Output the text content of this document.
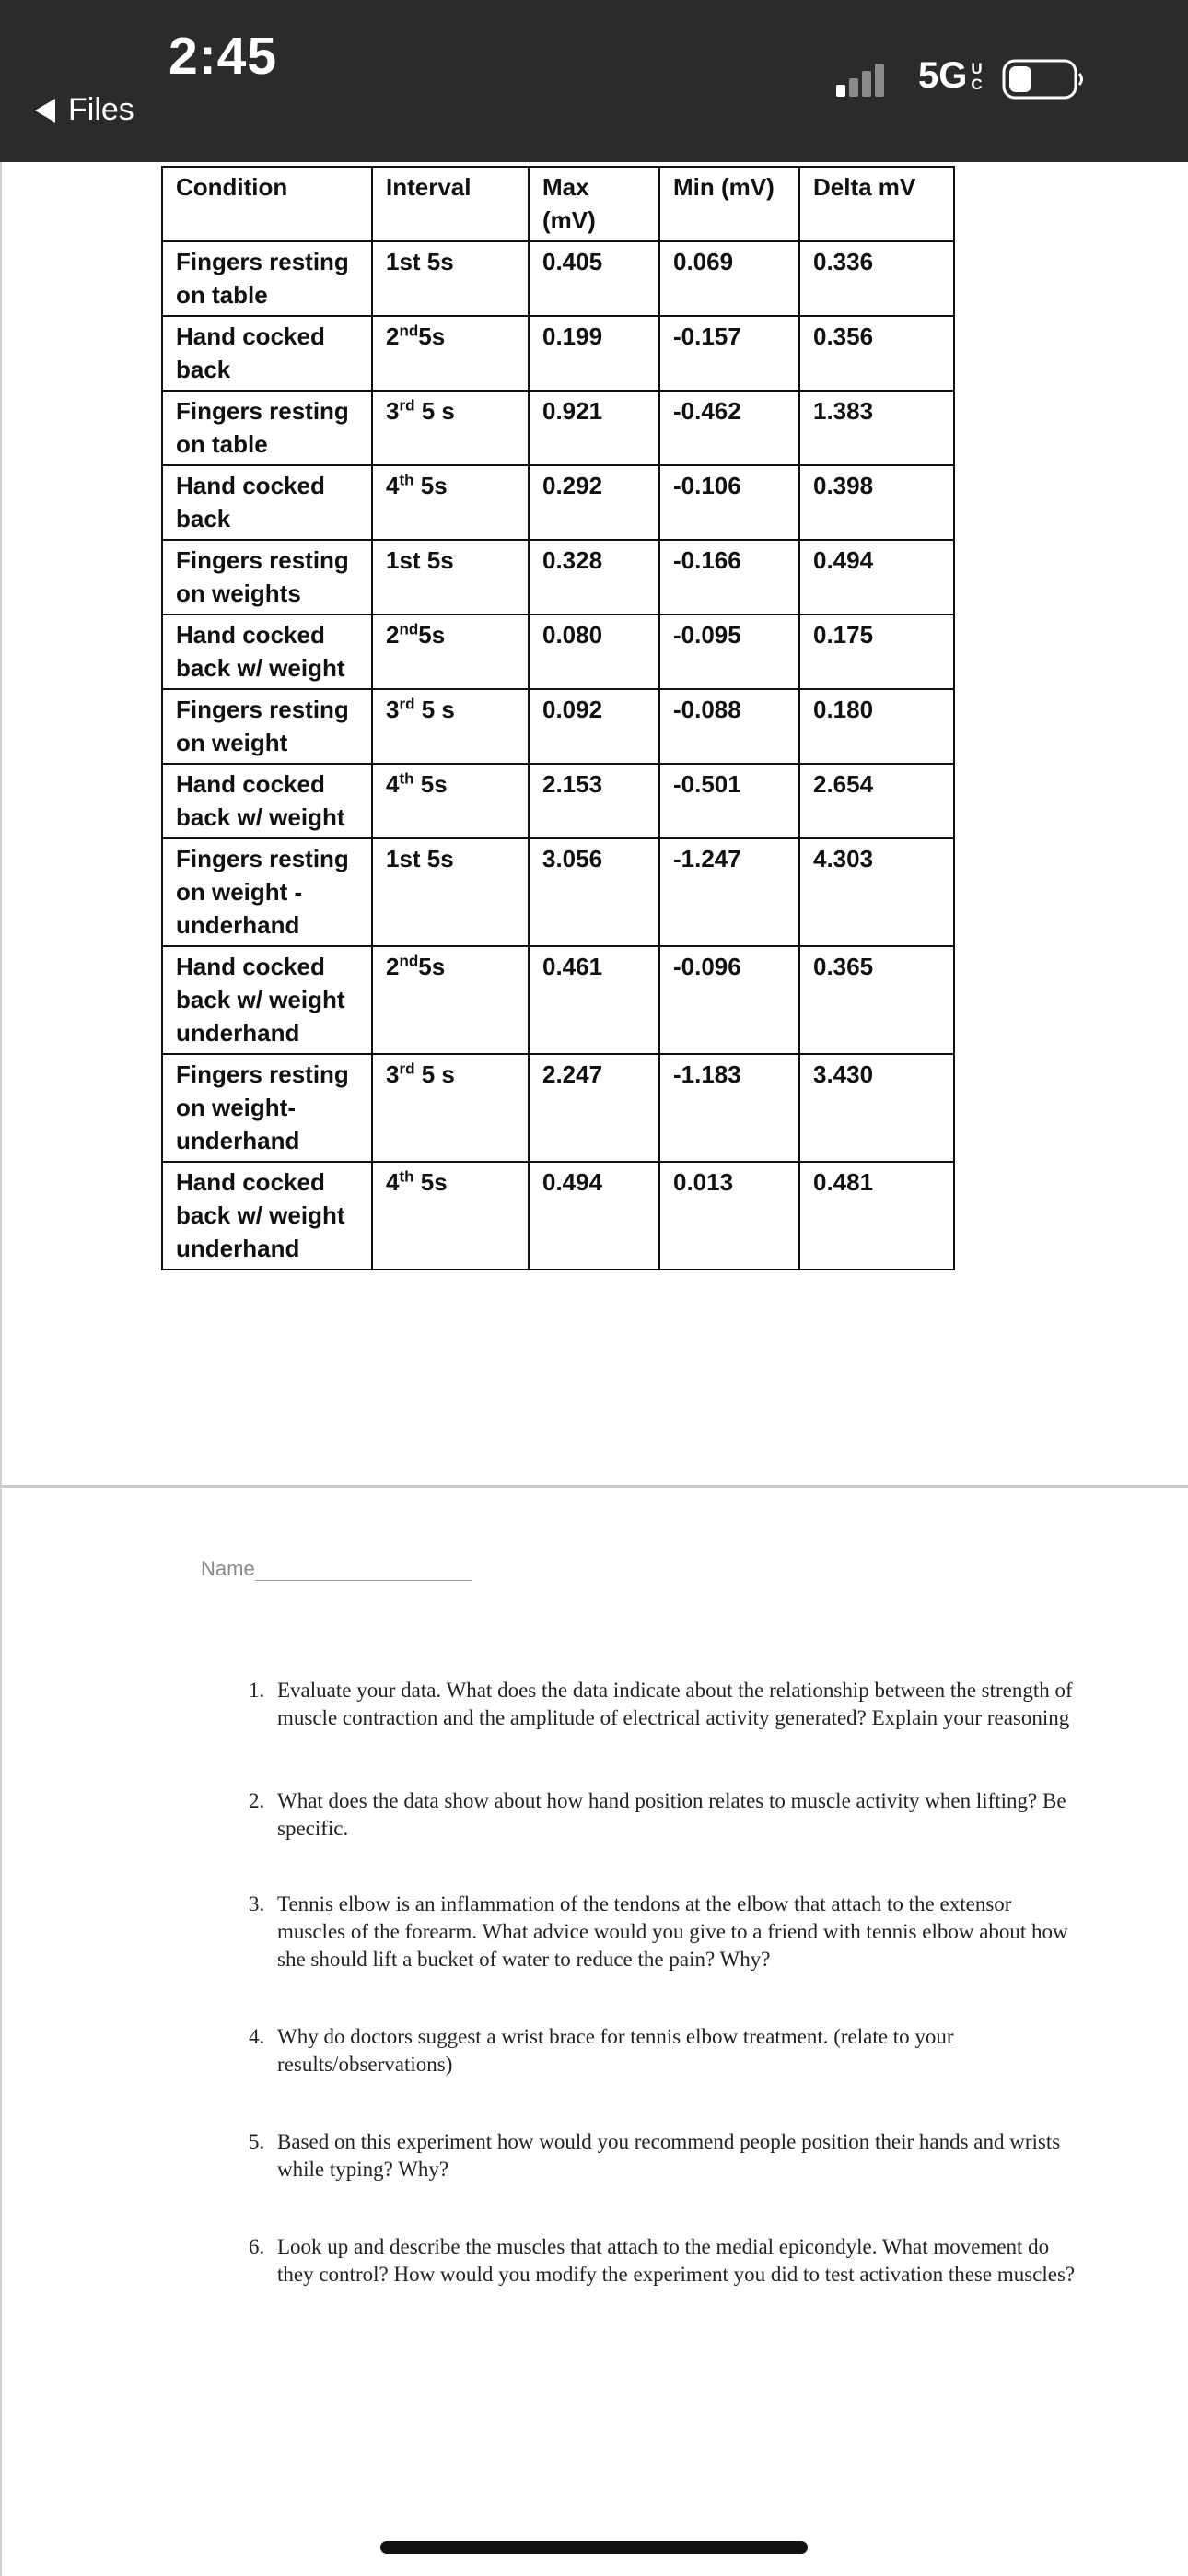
2:45
Files
5G U
C
Condition	Interval	Max (mV)	Min (mV)	Delta mV
Fingers resting on table	1st 5s	0.405	0.069	0.336
Hand cocked back	2nd5s	0.199	-0.157	0.356
Fingers resting on table	3rd 5 s	0.921	-0.462	1.383
Hand cocked back	4th 5s	0.292	-0.106	0.398
Fingers resting on weights	1st 5s	0.328	-0.166	0.494
Hand cocked back w/ weight	2nd5s	0.080	-0.095	0.175
Fingers resting on weight	3rd 5 s	0.092	-0.088	0.180
Hand cocked back w/ weight	4th 5s	2.153	-0.501	2.654
Fingers resting on weight - underhand	1st 5s	3.056	-1.247	4.303
Hand cocked back w/ weight underhand	2nd5s	0.461	-0.096	0.365
Fingers resting on weight- underhand	3rd 5 s	2.247	-1.183	3.430
Hand cocked back w/ weight underhand	4th 5s	0.494	0.013	0.481
Name
1. Evaluate your data. What does the data indicate about the relationship between the strength of muscle contraction and the amplitude of electrical activity generated? Explain your reasoning
2. What does the data show about how hand position relates to muscle activity when lifting? Be specific.
3. Tennis elbow is an inflammation of the tendons at the elbow that attach to the extensor muscles of the forearm. What advice would you give to a friend with tennis elbow about how she should lift a bucket of water to reduce the pain? Why?
4. Why do doctors suggest a wrist brace for tennis elbow treatment. (relate to your results/observations)
5. Based on this experiment how would you recommend people position their hands and wrists while typing? Why?
6. Look up and describe the muscles that attach to the medial epicondyle. What movement do they control? How would you modify the experiment you did to test activation these muscles?
